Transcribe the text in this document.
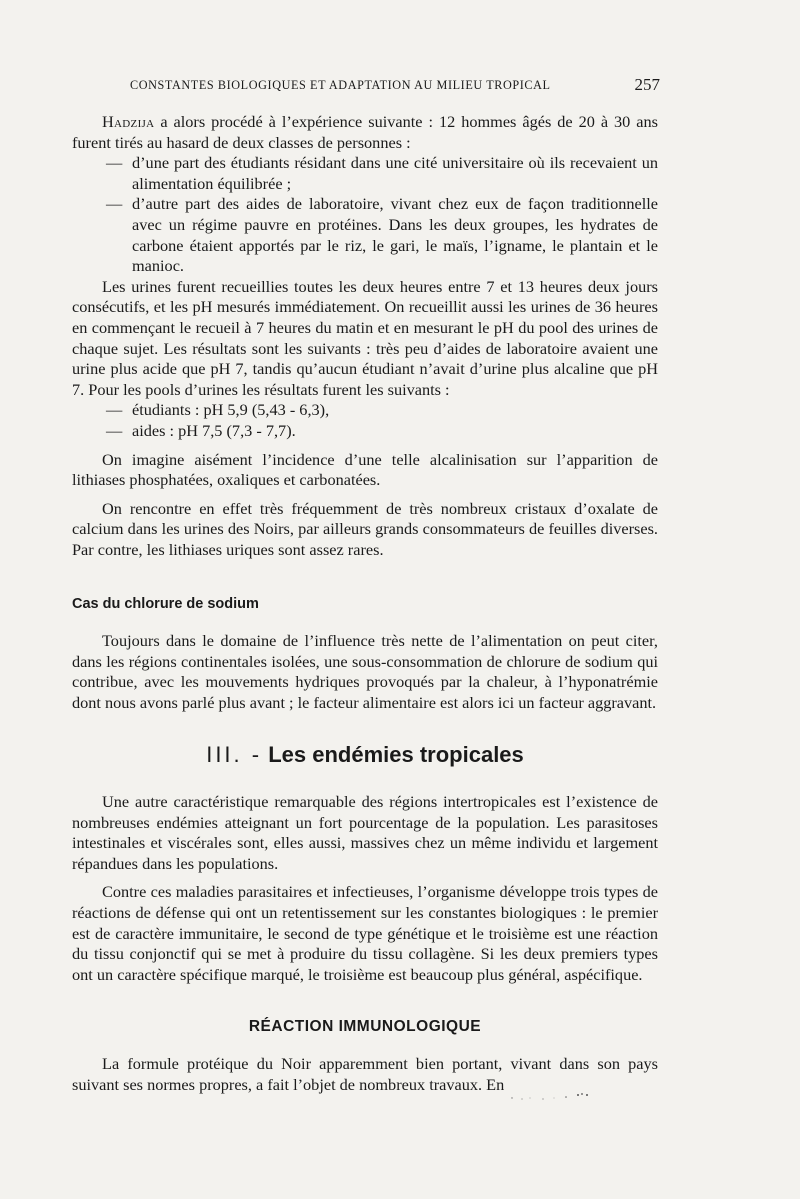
CONSTANTES BIOLOGIQUES ET ADAPTATION AU MILIEU TROPICAL	257

Hadzija a alors procédé à l’expérience suivante : 12 hommes âgés de 20 à 30 ans furent tirés au hasard de deux classes de personnes :

— d’une part des étudiants résidant dans une cité universitaire où ils recevaient un alimentation équilibrée ;
— d’autre part des aides de laboratoire, vivant chez eux de façon traditionnelle avec un régime pauvre en protéines. Dans les deux groupes, les hydrates de carbone étaient apportés par le riz, le gari, le maïs, l’igname, le plantain et le manioc.

Les urines furent recueillies toutes les deux heures entre 7 et 13 heures deux jours consécutifs, et les pH mesurés immédiatement. On recueillit aussi les urines de 36 heures en commençant le recueil à 7 heures du matin et en mesurant le pH du pool des urines de chaque sujet. Les résultats sont les suivants : très peu d’aides de laboratoire avaient une urine plus acide que pH 7, tandis qu’aucun étudiant n’avait d’urine plus alcaline que pH 7. Pour les pools d’urines les résultats furent les suivants :

— étudiants : pH 5,9 (5,43 - 6,3),
— aides : pH 7,5 (7,3 - 7,7).

On imagine aisément l’incidence d’une telle alcalinisation sur l’apparition de lithiases phosphatées, oxaliques et carbonatées.

On rencontre en effet très fréquemment de très nombreux cristaux d’oxalate de calcium dans les urines des Noirs, par ailleurs grands consommateurs de feuilles diverses. Par contre, les lithiases uriques sont assez rares.

Cas du chlorure de sodium

Toujours dans le domaine de l’influence très nette de l’alimentation on peut citer, dans les régions continentales isolées, une sous-consommation de chlorure de sodium qui contribue, avec les mouvements hydriques provoqués par la chaleur, à l’hyponatrémie dont nous avons parlé plus avant ; le facteur alimentaire est alors ici un facteur aggravant.

III. - Les endémies tropicales

Une autre caractéristique remarquable des régions intertropicales est l’existence de nombreuses endémies atteignant un fort pourcentage de la population. Les parasitoses intestinales et viscérales sont, elles aussi, massives chez un même individu et largement répandues dans les populations.

Contre ces maladies parasitaires et infectieuses, l’organisme développe trois types de réactions de défense qui ont un retentissement sur les constantes biologiques : le premier est de caractère immunitaire, le second de type génétique et le troisième est une réaction du tissu conjonctif qui se met à produire du tissu collagène. Si les deux premiers types ont un caractère spécifique marqué, le troisième est beaucoup plus général, aspécifique.

RÉACTION IMMUNOLOGIQUE

La formule protéique du Noir apparemment bien portant, vivant dans son pays suivant ses normes propres, a fait l’objet de nombreux travaux. En
